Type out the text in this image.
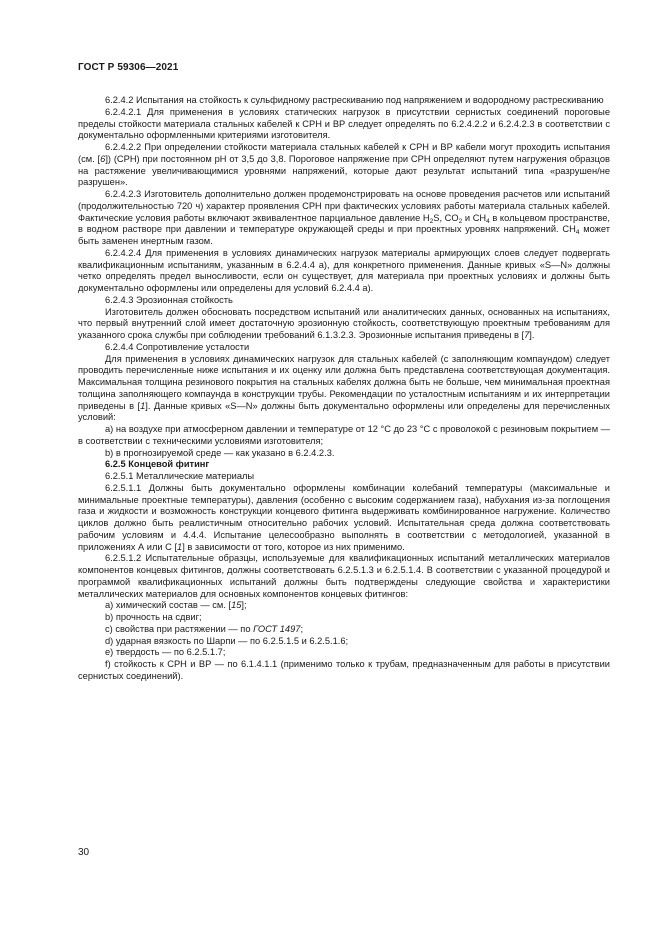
ГОСТ Р 59306—2021

6.2.4.2 Испытания на стойкость к сульфидному растрескиванию под напряжением и водородному растрескиванию

6.2.4.2.1 Для применения в условиях статических нагрузок в присутствии сернистых соединений пороговые пределы стойкости материала стальных кабелей к СРН и ВР следует определять по 6.2.4.2.2 и 6.2.4.2.3 в соответствии с документально оформленными критериями изготовителя.

6.2.4.2.2 При определении стойкости материала стальных кабелей к СРН и ВР кабели могут проходить испытания (см. [6]) (СРН) при постоянном pH от 3,5 до 3,8. Пороговое напряжение при СРН определяют путем нагружения образцов на растяжение увеличивающимися уровнями напряжений, которые дают результат испытаний типа «разрушен/не разрушен».

6.2.4.2.3 Изготовитель дополнительно должен продемонстрировать на основе проведения расчетов или испытаний (продолжительностью 720 ч) характер проявления СРН при фактических условиях работы материала стальных кабелей. Фактические условия работы включают эквивалентное парциальное давление $H_2S$, $CO_2$ и $CH_4$ в кольцевом пространстве, в водном растворе при давлении и температуре окружающей среды и при проектных уровнях напряжений. $CH_4$ может быть заменен инертным газом.

6.2.4.2.4 Для применения в условиях динамических нагрузок материалы армирующих слоев следует подвергать квалификационным испытаниям, указанным в 6.2.4.4 а), для конкретного применения. Данные кривых «S—N» должны четко определять предел выносливости, если он существует, для материала при проектных условиях и должны быть документально оформлены или определены для условий 6.2.4.4 а).

6.2.4.3 Эрозионная стойкость

Изготовитель должен обосновать посредством испытаний или аналитических данных, основанных на испытаниях, что первый внутренний слой имеет достаточную эрозионную стойкость, соответствующую проектным требованиям для указанного срока службы при соблюдении требований 6.1.3.2.3. Эрозионные испытания приведены в [7].

6.2.4.4 Сопротивление усталости

Для применения в условиях динамических нагрузок для стальных кабелей (с заполняющим компаундом) следует проводить перечисленные ниже испытания и их оценку или должна быть представлена соответствующая документация. Максимальная толщина резинового покрытия на стальных кабелях должна быть не больше, чем минимальная проектная толщина заполняющего компаунда в конструкции трубы. Рекомендации по усталостным испытаниям и их интерпретации приведены в [1]. Данные кривых «S—N» должны быть документально оформлены или определены для перечисленных условий:

а) на воздухе при атмосферном давлении и температуре от 12 °C до 23 °C с проволокой с резиновым покрытием — в соответствии с техническими условиями изготовителя;

b) в прогнозируемой среде — как указано в 6.2.4.2.3.

6.2.5 Концевой фитинг

6.2.5.1 Металлические материалы

6.2.5.1.1 Должны быть документально оформлены комбинации колебаний температуры (максимальные и минимальные проектные температуры), давления (особенно с высоким содержанием газа), набухания из-за поглощения газа и жидкости и возможность конструкции концевого фитинга выдерживать комбинированное нагружение. Количество циклов должно быть реалистичным относительно рабочих условий. Испытательная среда должна соответствовать рабочим условиям и 4.4.4. Испытание целесообразно выполнять в соответствии с методологией, указанной в приложениях А или С [1] в зависимости от того, которое из них применимо.

6.2.5.1.2 Испытательные образцы, используемые для квалификационных испытаний металлических материалов компонентов концевых фитингов, должны соответствовать 6.2.5.1.3 и 6.2.5.1.4. В соответствии с указанной процедурой и программой квалификационных испытаний должны быть подтверждены следующие свойства и характеристики металлических материалов для основных компонентов концевых фитингов:

а) химический состав — см. [15];

b) прочность на сдвиг;

c) свойства при растяжении — по ГОСТ 1497;

d) ударная вязкость по Шарпи — по 6.2.5.1.5 и 6.2.5.1.6;

e) твердость — по 6.2.5.1.7;

f) стойкость к СРН и ВР — по 6.1.4.1.1 (применимо только к трубам, предназначенным для работы в присутствии сернистых соединений).

30
